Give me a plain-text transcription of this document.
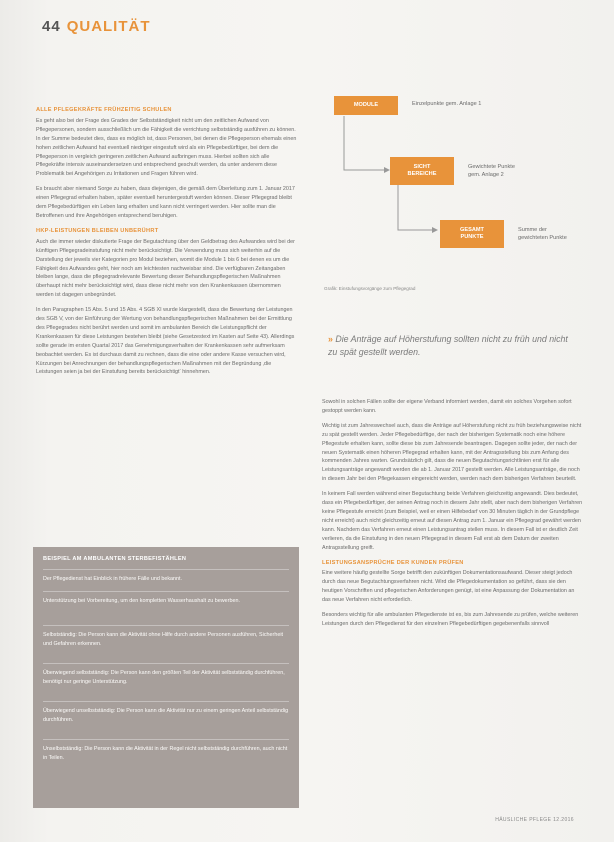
44 QUALITÄT
ALLE PFLEGEKRÄFTE FRÜHZEITIG SCHULEN

Es geht also bei der Frage des Grades der Selbstständigkeit nicht um den zeitlichen Aufwand von Pflegepersonen, sondern ausschließlich um die Fähigkeit die verrichtung selbstständig ausführen zu können. In der Summe bedeutet dies, dass es möglich ist, dass Personen, bei denen die Pflegeperson ehemals einen hohen zeitlichen Aufwand hat eventuell niedriger eingestuft wird als ein Pflegebedürftiger, bei dem die Pflegeperson in vergleich geringeren zeitlichen Aufwand aufbringen muss. Hierbei sollten sich alle Pflegekräfte intensiv auseinandersetzen und entsprechend geschult werden, da unter anderem diese Problematik bei Angehörigen zu Irritationen und Fragen führen wird.

Es braucht aber niemand Sorge zu haben, dass diejenigen, die gemäß dem Überleitung zum 1. Januar 2017 einen Pflegegrad erhalten haben, später eventuell heruntergestuft werden können. Dieser Pflegegrad bleibt dem Pflegebedürftigen ein Leben lang erhalten und kann nicht verringert werden. Hier sollte man die Betroffenen und ihre Angehörigen entsprechend beruhigen.

HKP-LEISTUNGEN BLEIBEN UNBERÜHRT

Auch die immer wieder diskutierte Frage der Begutachtung über den Geldbetrag des Aufwandes wird bei der künftigen Pflegegradeinstufung nicht mehr berücksichtigt. Die Verwendung muss sich weiterhin auf die Darstellung der jeweils vier Kategorien pro Modul beziehen, womit die Module 1 bis 6 bei denen es um die Fähigkeit des Aufwandes geht, hier noch am leichtesten nachweisbar sind. Die verfügbaren Zeitangaben bleiben lange, dass die pflegegradrelevante Bewertung dieser Behandlungspflegerischen Maßnahmen überhaupt nicht mehr berücksichtigt wird, dass diese nicht mehr von den Krankenkassen übernommen werden ist dagegen unbegründet.

In den Paragraphen 15 Abs. 5 und 15 Abs. 4 SGB XI wurde klargestellt, dass die Bewertung der Leistungen des SGB V, von der Einführung der Wertung von behandlungspflegerischen Maßnahmen bei der Ermittlung des Pflegegrades nicht berührt werden und somit im ambulanten Bereich die Leistungspflicht der Krankenkassen für diese Leistungen bestehen bleibt (siehe Gesetzestext im Kasten auf Seite 43). Allerdings sollte gerade im ersten Quartal 2017 das Genehmigungsverhalten der Krankenkassen sehr aufmerksam beobachtet werden. Es ist durchaus damit zu rechnen, dass die eine oder andere Kasse versuchen wird, Kürzungen bei Anrechnungen der behandlungspflegerischen Maßnahmen mit der Begründung ‚die Leistungen seien ja bei der Einstufung bereits berücksichtigt‘ hinnehmen.

MODULE	Einzelpunkte gem. Anlage 1
SICHT
BEREICHE
Gewichtete Punkte
gem. Anlage 2
GESAMT
PUNKTE
Summe der
gewichteten Punkte
Grafik: Einstufungsvorgänge zum Pflegegrad
» Die Anträge auf Höherstufung sollten nicht zu früh und nicht zu spät gestellt werden.

Sowohl in solchen Fällen sollte der eigene Verband informiert werden, damit ein solches Vorgehen sofort gestoppt werden kann.

Wichtig ist zum Jahreswechsel auch, dass die Anträge auf Höherstufung nicht zu früh beziehungsweise nicht zu spät gestellt werden. Jeder Pflegebedürftige, der nach der bisherigen Systematik noch eine höhere Pflegestufe erhalten kann, sollte diese bis zum Jahresende beantragen. Dagegen sollte jeder, der nach der neuen Systematik einen höheren Pflegegrad erhalten kann, mit der Antragsstellung bis zum Anfang des kommenden Jahres warten. Grundsätzlich gilt, dass die neuen Begutachtungsrichtlinien erst für alle Leistungsanträge angewandt werden die ab 1. Januar 2017 gestellt werden. Alle Leistungsanträge, die noch in diesem Jahr bei den Pflegekassen eingereicht werden, werden nach dem bisherigen Verfahren beurteilt.

In keinem Fall werden während einer Begutachtung beide Verfahren gleichzeitig angewandt. Dies bedeutet, dass ein Pflegebedürftiger, der seinen Antrag noch in diesem Jahr stellt, aber nach dem bisherigen Verfahren keine Pflegestufe erreicht (zum Beispiel, weil er einen Hilfebedarf von 30 Minuten täglich in der Grundpflege nicht erreicht) auch nicht gleichzeitig erneut auf diesen Antrag zum 1. Januar ein Pflegegrad gewährt werden kann. Nachdem das Verfahren erneut einen Leistungsantrag stellen muss. In diesem Fall ist er deutlich Zeit verlieren, da die Einstufung in den neuen Pflegegrad in diesem Fall erst ab dem Datum der zweiten Antragsstellung greift.

LEISTUNGSANSPRÜCHE DER KUNDEN PRÜFEN

Eine weitere häufig gestellte Sorge betrifft den zukünftigen Dokumentationsaufwand. Dieser steigt jedoch durch das neue Begutachtungsverfahren nicht. Wird die Pflegedokumentation so geführt, dass sie den heutigen Vorschriften und pflegerischen Anforderungen genügt, ist eine Anpassung der Dokumentation an das neue Verfahren nicht erforderlich.

Besonders wichtig für alle ambulanten Pflegedienste ist es, bis zum Jahresende zu prüfen, welche weiteren Leistungen durch den Pflegedienst für den einzelnen Pflegebedürftigen gegebenenfalls sinnvoll

BEISPIEL AM AMBULANTEN STERBEFISTÄHLEN
Der Pflegedienst hat Einblick in frühere Fälle und bekannt.
Unterstützung bei Vorbereitung, um den kompletten Wasserhaushalt zu bewerben.
Selbstständig: Die Person kann die Aktivität ohne Hilfe durch andere Personen ausführen, Sicherheit und Gefahren erkennen.
Überwiegend selbstständig: Die Person kann den größten Teil der Aktivität selbstständig durchführen, benötigt nur geringe Unterstützung.
Überwiegend unselbstständig: Die Person kann die Aktivität nur zu einem geringen Anteil selbstständig durchführen.
Unselbstständig: Die Person kann die Aktivität in der Regel nicht selbstständig durchführen, auch nicht in Teilen.
HÄUSLICHE PFLEGE 12.2016
